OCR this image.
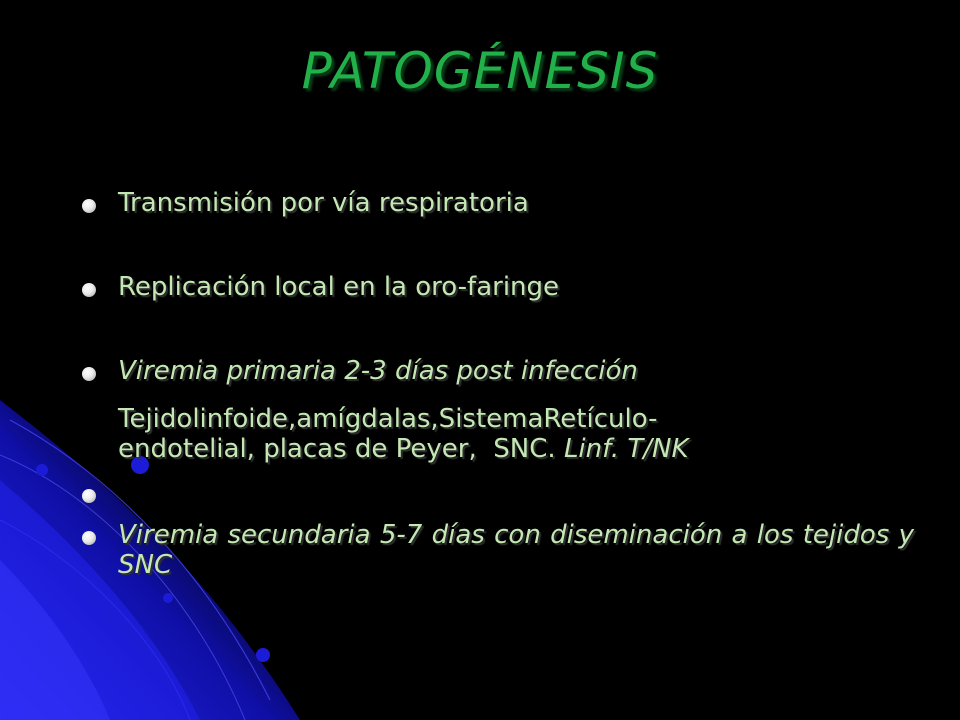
PATOGÉNESIS
Transmisión por vía respiratoria
Replicación local en la oro-faringe
Viremia primaria 2-3 días post infección
Tejidolinfoide,amígdalas,SistemaRetículo-
endotelial, placas de Peyer,  SNC. Linf. T/NK
Viremia secundaria 5-7 días con diseminación a los tejidos y SNC
